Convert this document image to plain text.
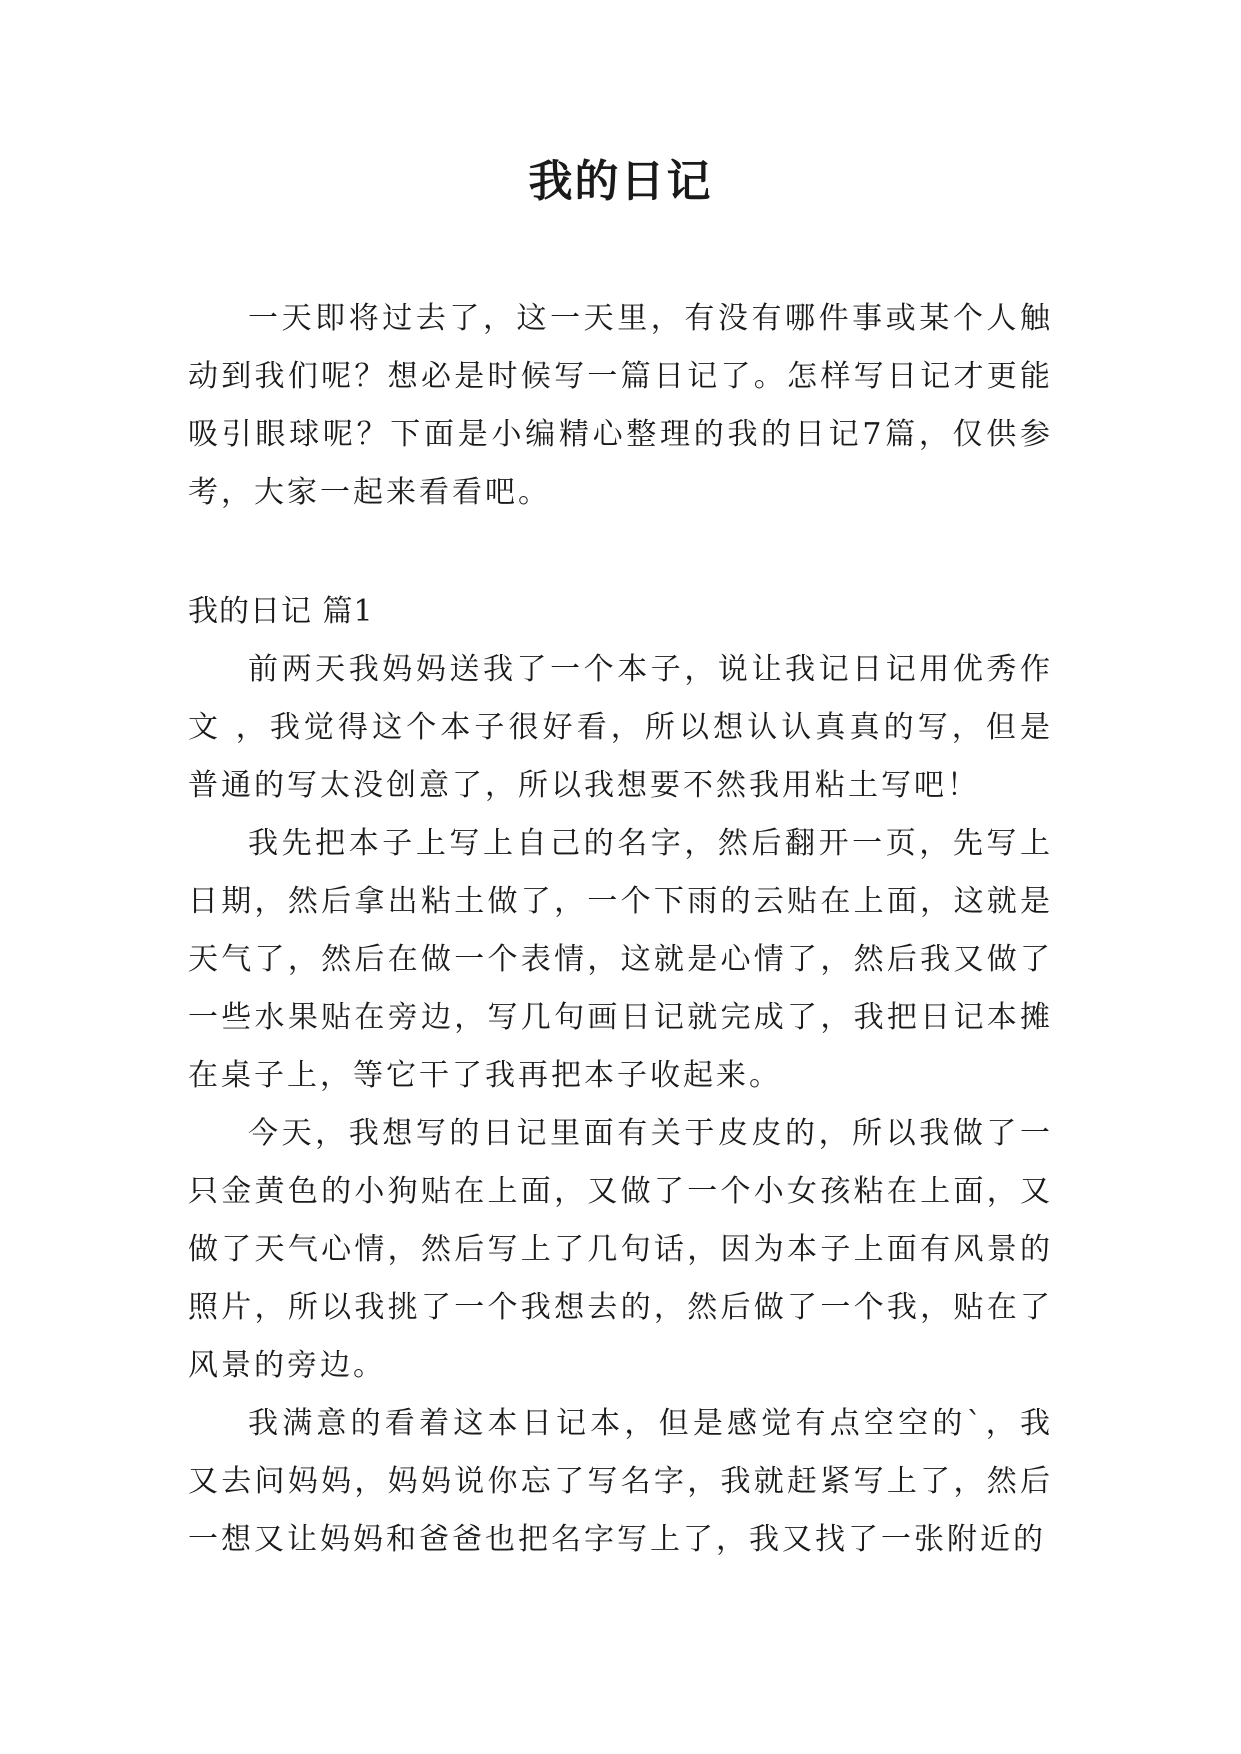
我的日记

一天即将过去了，这一天里，有没有哪件事或某个人触动到我们呢？想必是时候写一篇日记了。怎样写日记才更能吸引眼球呢？下面是小编精心整理的我的日记7篇，仅供参考，大家一起来看看吧。

我的日记 篇1

前两天我妈妈送我了一个本子，说让我记日记用优秀作文 ，我觉得这个本子很好看，所以想认认真真的写，但是普通的写太没创意了，所以我想要不然我用粘土写吧！

我先把本子上写上自己的名字，然后翻开一页，先写上日期，然后拿出粘土做了，一个下雨的云贴在上面，这就是天气了，然后在做一个表情，这就是心情了，然后我又做了一些水果贴在旁边，写几句画日记就完成了，我把日记本摊在桌子上，等它干了我再把本子收起来。

今天，我想写的日记里面有关于皮皮的，所以我做了一只金黄色的小狗贴在上面，又做了一个小女孩粘在上面，又做了天气心情，然后写上了几句话，因为本子上面有风景的照片，所以我挑了一个我想去的，然后做了一个我，贴在了风景的旁边。

我满意的看着这本日记本，但是感觉有点空空的`，我又去问妈妈，妈妈说你忘了写名字，我就赶紧写上了，然后一想又让妈妈和爸爸也把名字写上了，我又找了一张附近的
